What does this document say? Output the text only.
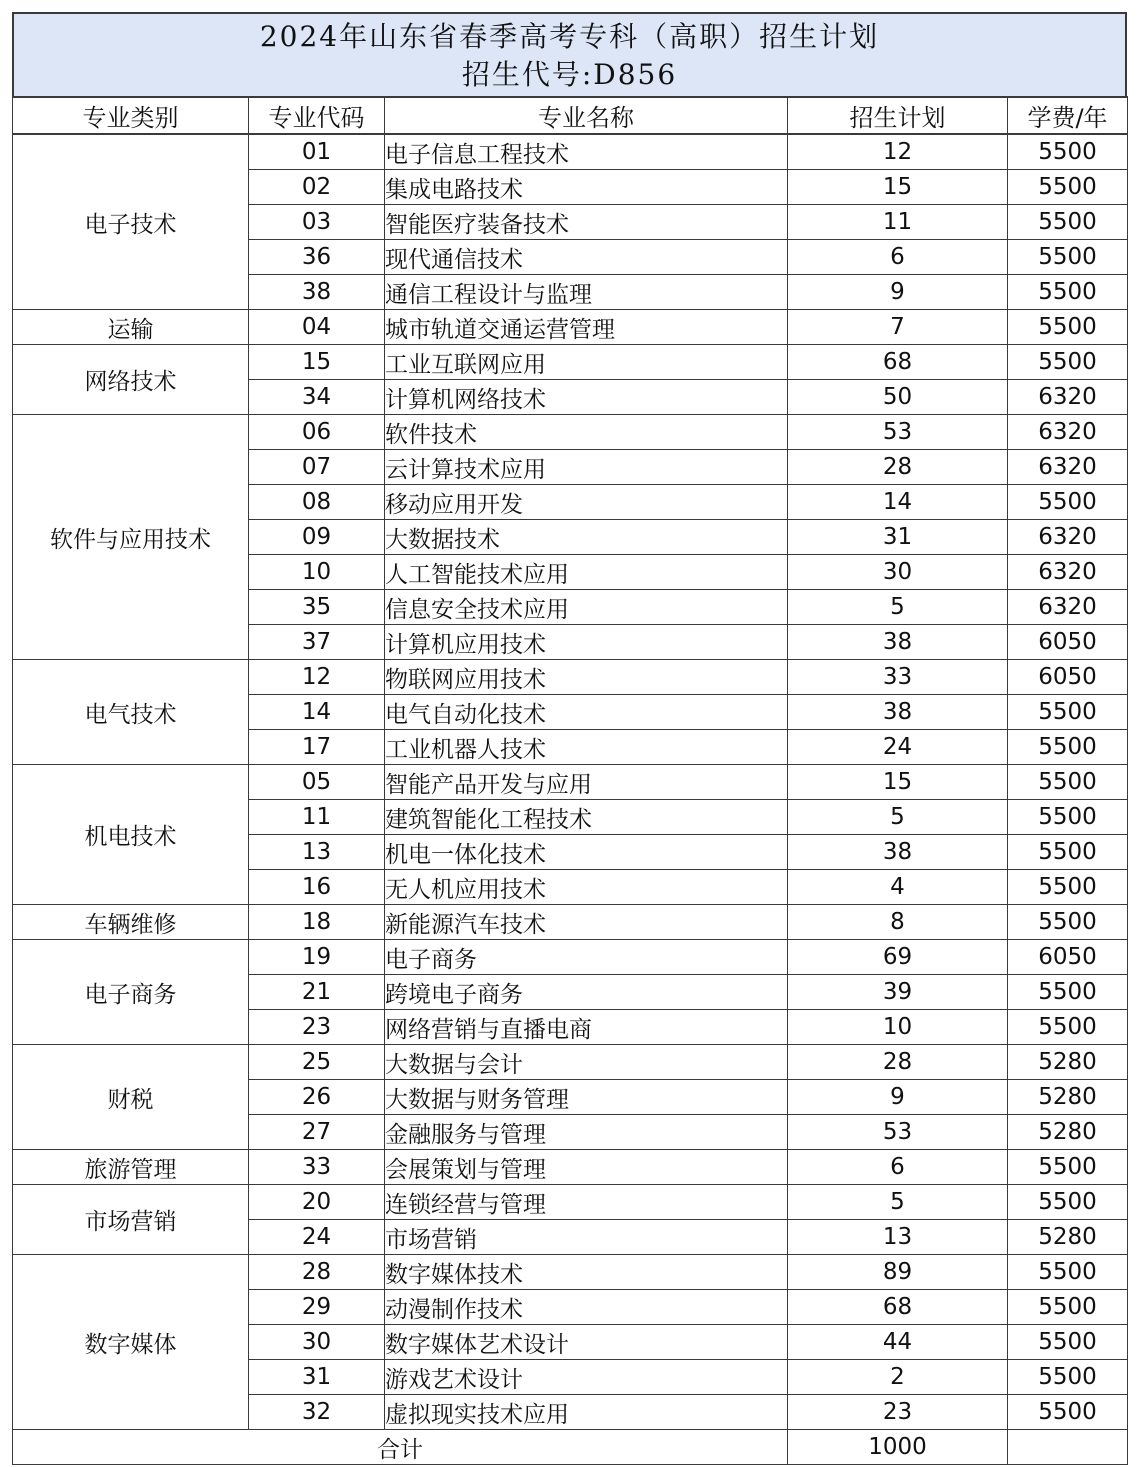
2024年山东省春季高考专科（高职）招生计划
招生代号:D856
专业类别	专业代码	专业名称	招生计划	学费/年
电子技术	01	电子信息工程技术	12	5500
	02	集成电路技术	15	5500
	03	智能医疗装备技术	11	5500
	36	现代通信技术	6	5500
	38	通信工程设计与监理	9	5500
运输	04	城市轨道交通运营管理	7	5500
网络技术	15	工业互联网应用	68	5500
	34	计算机网络技术	50	6320
软件与应用技术	06	软件技术	53	6320
	07	云计算技术应用	28	6320
	08	移动应用开发	14	5500
	09	大数据技术	31	6320
	10	人工智能技术应用	30	6320
	35	信息安全技术应用	5	6320
	37	计算机应用技术	38	6050
电气技术	12	物联网应用技术	33	6050
	14	电气自动化技术	38	5500
	17	工业机器人技术	24	5500
机电技术	05	智能产品开发与应用	15	5500
	11	建筑智能化工程技术	5	5500
	13	机电一体化技术	38	5500
	16	无人机应用技术	4	5500
车辆维修	18	新能源汽车技术	8	5500
电子商务	19	电子商务	69	6050
	21	跨境电子商务	39	5500
	23	网络营销与直播电商	10	5500
财税	25	大数据与会计	28	5280
	26	大数据与财务管理	9	5280
	27	金融服务与管理	53	5280
旅游管理	33	会展策划与管理	6	5500
市场营销	20	连锁经营与管理	5	5500
	24	市场营销	13	5280
数字媒体	28	数字媒体技术	89	5500
	29	动漫制作技术	68	5500
	30	数字媒体艺术设计	44	5500
	31	游戏艺术设计	2	5500
	32	虚拟现实技术应用	23	5500
合计			1000	
